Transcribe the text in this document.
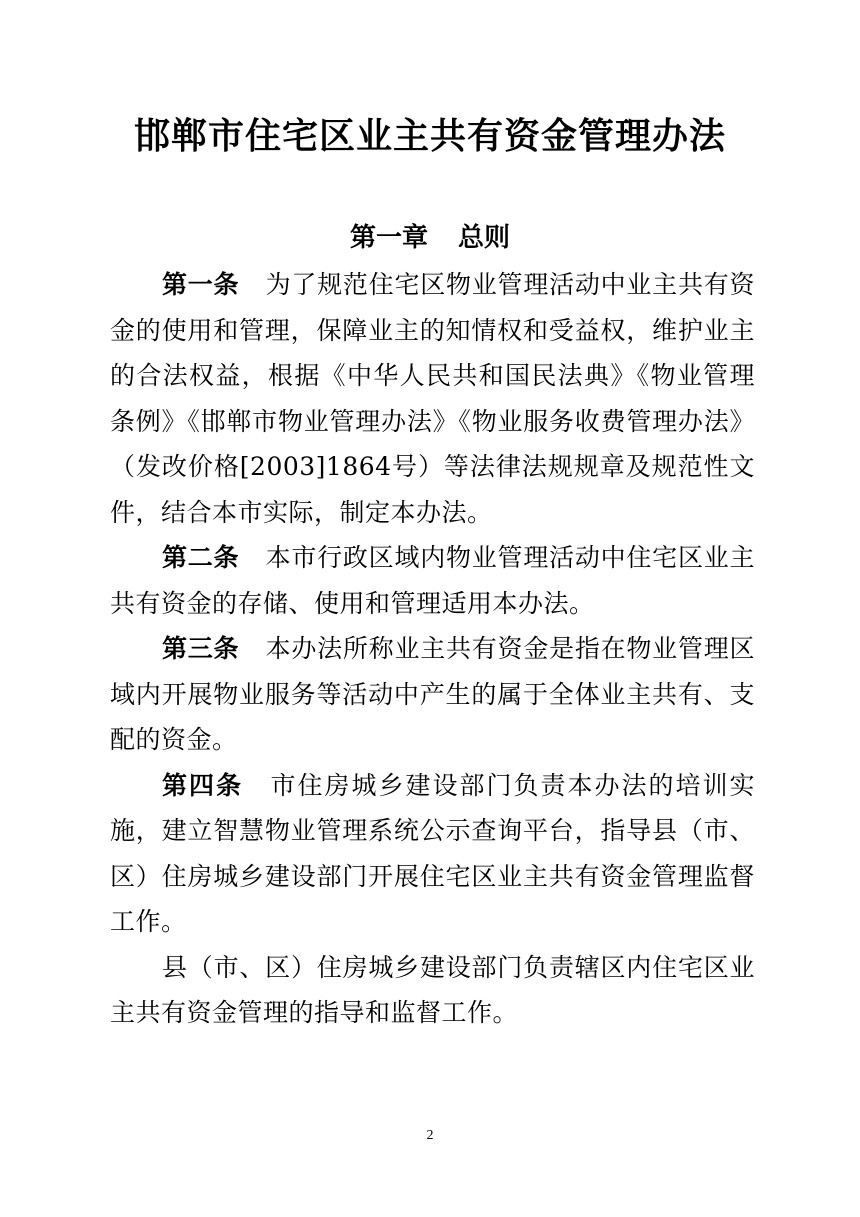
邯郸市住宅区业主共有资金管理办法
第一章 总则

第一条 为了规范住宅区物业管理活动中业主共有资金的使用和管理，保障业主的知情权和受益权，维护业主的合法权益，根据《中华人民共和国民法典》《物业管理条例》《邯郸市物业管理办法》《物业服务收费管理办法》（发改价格[2003]1864号）等法律法规规章及规范性文件，结合本市实际，制定本办法。

第二条 本市行政区域内物业管理活动中住宅区业主共有资金的存储、使用和管理适用本办法。

第三条 本办法所称业主共有资金是指在物业管理区域内开展物业服务等活动中产生的属于全体业主共有、支配的资金。

第四条 市住房城乡建设部门负责本办法的培训实施，建立智慧物业管理系统公示查询平台，指导县（市、区）住房城乡建设部门开展住宅区业主共有资金管理监督工作。

县（市、区）住房城乡建设部门负责辖区内住宅区业主共有资金管理的指导和监督工作。

2
